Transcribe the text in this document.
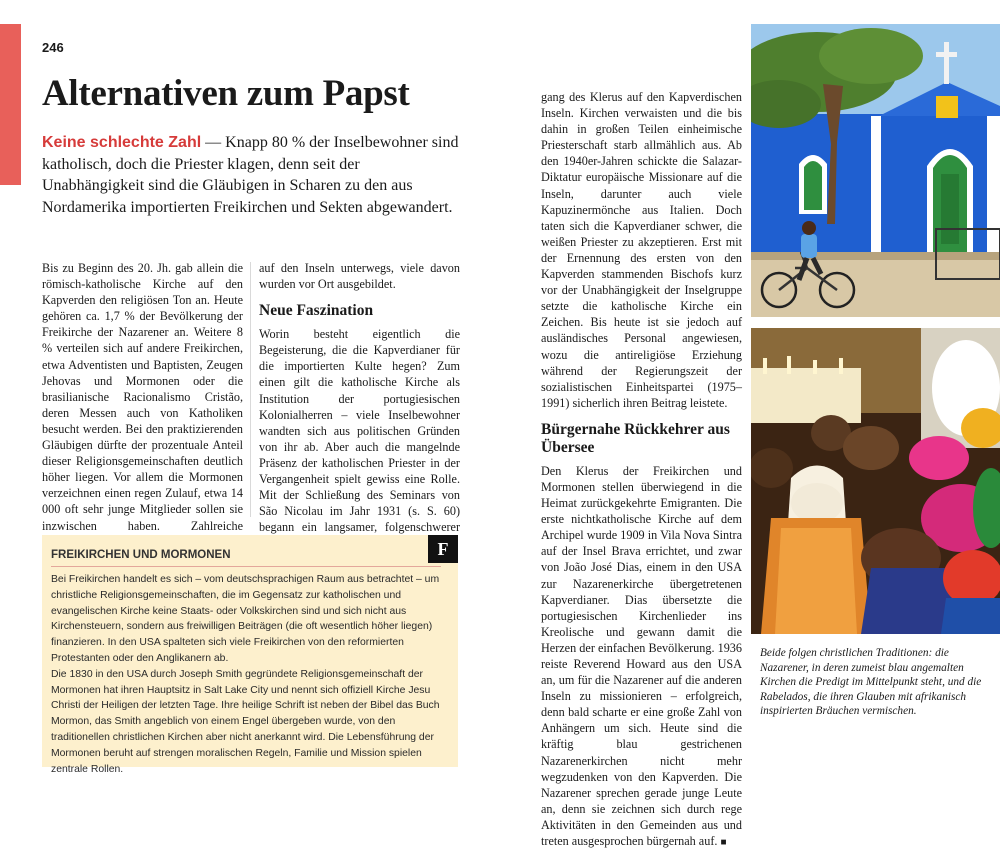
246
Alternativen zum Papst
Keine schlechte Zahl — Knapp 80 % der Inselbewohner sind katholisch, doch die Priester klagen, denn seit der Unabhängigkeit sind die Gläubigen in Scharen zu den aus Nordamerika importierten Freikirchen und Sekten abgewandert.

Bis zu Beginn des 20. Jh. gab allein die römisch-katholische Kirche auf den Kapverden den religiösen Ton an. Heute gehören ca. 1,7 % der Bevölkerung der Freikirche der Nazarener an. Weitere 8 % verteilen sich auf andere Freikirchen, etwa Adventisten und Baptisten, Zeugen Jehovas und Mormonen oder die brasilianische Racionalismo Cristão, deren Messen auch von Katholiken besucht werden. Bei den praktizierenden Gläubigen dürfte der prozentuale Anteil dieser Religionsgemeinschaften deutlich höher liegen. Vor allem die Mormonen verzeichnen einen regen Zulauf, etwa 14 000 oft sehr junge Mitglieder sollen sie inzwischen haben. Zahlreiche

auf den Inseln unterwegs, viele davon wurden vor Ort ausgebildet.

Neue Faszination

Worin besteht eigentlich die Begeisterung, die die Kapverdianer für die importierten Kulte hegen? Zum einen gilt die katholische Kirche als Institution der portugiesischen Kolonialherren – viele Inselbewohner wandten sich aus politischen Gründen von ihr ab. Aber auch die mangelnde Präsenz der katholischen Priester in der Vergangenheit spielt gewiss eine Rolle. Mit der Schließung des Seminars von São Nicolau im Jahr 1931 (s. S. 60) begann ein langsamer, folgenschwerer

gang des Klerus auf den Kapverdischen Inseln. Kirchen verwaisten und die bis dahin in großen Teilen einheimische Priesterschaft starb allmählich aus. Ab den 1940er-Jahren schickte die Salazar-Diktatur europäische Missionare auf die Inseln, darunter auch viele Kapuzinermönche aus Italien. Doch taten sich die Kapverdianer schwer, die weißen Priester zu akzeptieren. Erst mit der Ernennung des ersten von den Kapverden stammenden Bischofs kurz vor der Unabhängigkeit der Inselgruppe setzte die katholische Kirche ein Zeichen. Bis heute ist sie jedoch auf ausländisches Personal angewiesen, wozu die antireligiöse Erziehung während der Regierungszeit der sozialistischen Einheitspartei (1975–1991) sicherlich ihren Beitrag leistete.

Bürgernahe Rückkehrer aus Übersee

Den Klerus der Freikirchen und Mormonen stellen überwiegend in die Heimat zurückgekehrte Emigranten. Die erste nichtkatholische Kirche auf dem Archipel wurde 1909 in Vila Nova Sintra auf der Insel Brava errichtet, und zwar von João José Dias, einem in den USA zur Nazarenerkirche übergetretenen Kapverdianer. Dias übersetzte die portugiesischen Kirchenlieder ins Kreolische und gewann damit die Herzen der einfachen Bevölkerung. 1936 reiste Reverend Howard aus den USA an, um für die Nazarener auf die anderen Inseln zu missionieren – erfolgreich, denn bald scharte er eine große Zahl von Anhängern um sich. Heute sind die kräftig blau gestrichenen Nazarenerkirchen nicht mehr wegzudenken von den Kapverden. Die Nazarener sprechen gerade junge Leute an, denn sie zeichnen sich durch rege Aktivitäten in den Gemeinden aus und treten ausgesprochen bürgernah auf. ■

FREIKIRCHEN UND MORMONEN

Bei Freikirchen handelt es sich – vom deutschsprachigen Raum aus betrachtet – um christliche Religionsgemeinschaften, die im Gegensatz zur katholischen und evangelischen Kirche keine Staats- oder Volkskirchen sind und sich nicht aus Kirchensteuern, sondern aus freiwilligen Beiträgen (die oft wesentlich höher liegen) finanzieren. In den USA spalteten sich viele Freikirchen von den reformierten Protestanten oder den Anglikanern ab.

Die 1830 in den USA durch Joseph Smith gegründete Religionsgemeinschaft der Mormonen hat ihren Hauptsitz in Salt Lake City und nennt sich offiziell Kirche Jesu Christi der Heiligen der letzten Tage. Ihre heilige Schrift ist neben der Bibel das Buch Mormon, das Smith angeblich von einem Engel übergeben wurde, von den traditionellen christlichen Kirchen aber nicht anerkannt wird. Die Lebensführung der Mormonen beruht auf strengen moralischen Regeln, Familie und Mission spielen zentrale Rollen.

F
Beide folgen christlichen Traditionen: die Nazarener, in deren zumeist blau angemalten Kirchen die Predigt im Mittelpunkt steht, und die Rabelados, die ihren Glauben mit afrikanisch inspirierten Bräuchen vermischen.
